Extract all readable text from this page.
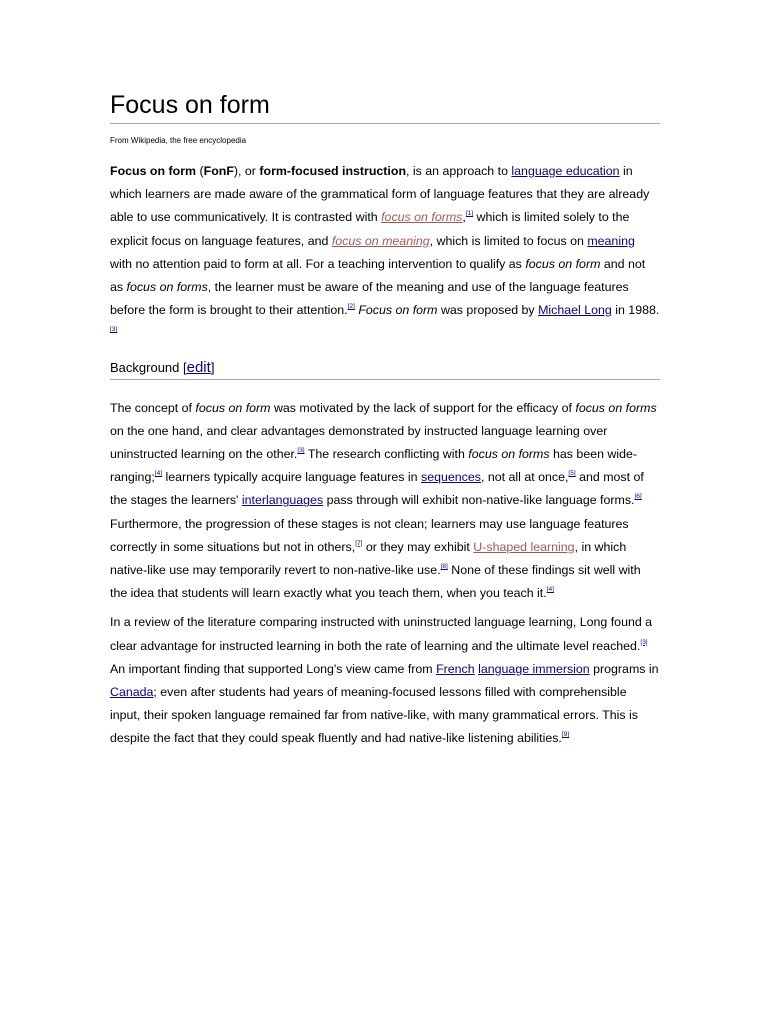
Focus on form
From Wikipedia, the free encyclopedia

Focus on form (FonF), or form-focused instruction, is an approach to language education in which learners are made aware of the grammatical form of language features that they are already able to use communicatively. It is contrasted with focus on forms,[1] which is limited solely to the explicit focus on language features, and focus on meaning, which is limited to focus on meaning with no attention paid to form at all. For a teaching intervention to qualify as focus on form and not as focus on forms, the learner must be aware of the meaning and use of the language features before the form is brought to their attention.[2] Focus on form was proposed by Michael Long in 1988.[3]

Background [edit]

The concept of focus on form was motivated by the lack of support for the efficacy of focus on forms on the one hand, and clear advantages demonstrated by instructed language learning over uninstructed learning on the other.[3] The research conflicting with focus on forms has been wide-ranging;[4] learners typically acquire language features in sequences, not all at once,[5] and most of the stages the learners' interlanguages pass through will exhibit non-native-like language forms.[6] Furthermore, the progression of these stages is not clean; learners may use language features correctly in some situations but not in others,[7] or they may exhibit U-shaped learning, in which native-like use may temporarily revert to non-native-like use.[8] None of these findings sit well with the idea that students will learn exactly what you teach them, when you teach it.[4]

In a review of the literature comparing instructed with uninstructed language learning, Long found a clear advantage for instructed learning in both the rate of learning and the ultimate level reached.[3] An important finding that supported Long's view came from French language immersion programs in Canada; even after students had years of meaning-focused lessons filled with comprehensible input, their spoken language remained far from native-like, with many grammatical errors. This is despite the fact that they could speak fluently and had native-like listening abilities.[9]
